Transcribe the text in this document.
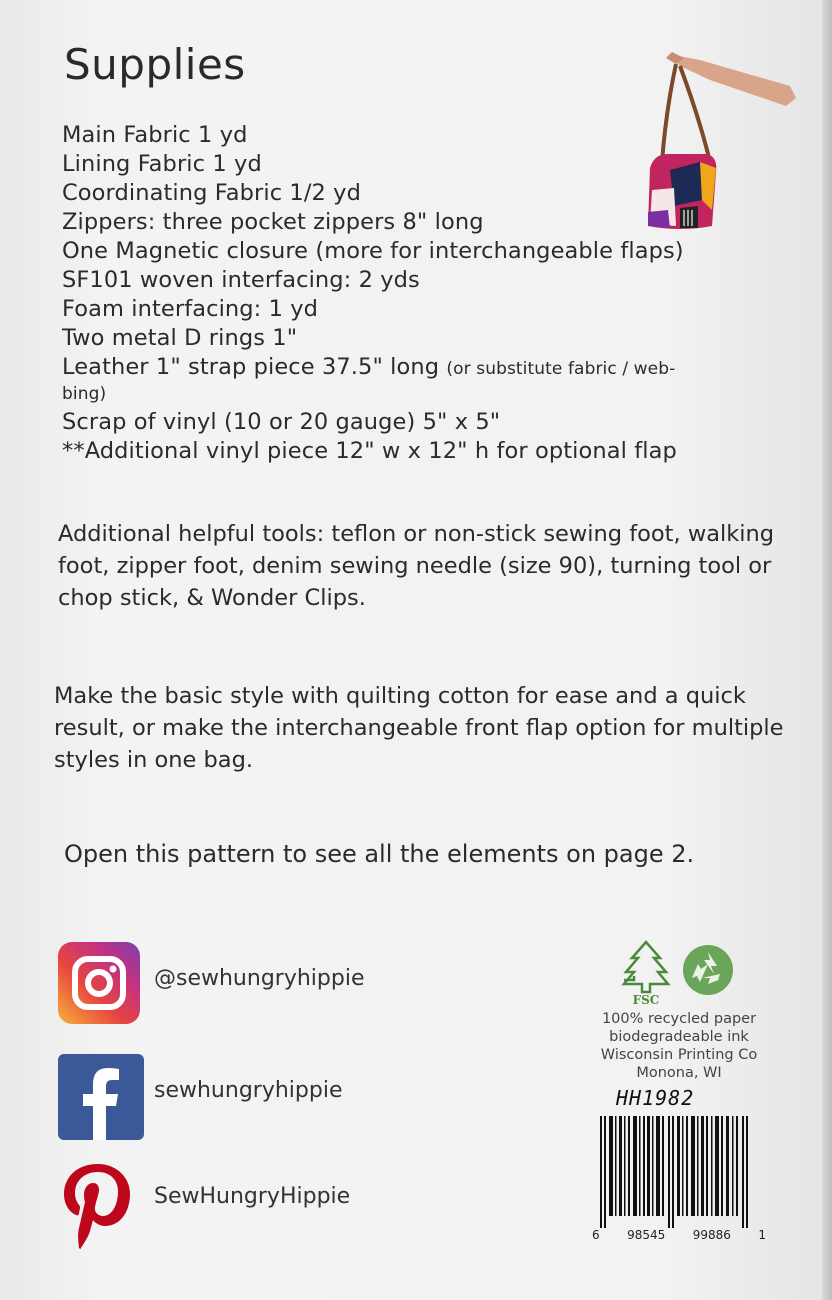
Supplies
Main Fabric 1 yd
Lining Fabric 1 yd
Coordinating Fabric 1/2 yd
Zippers: three pocket zippers 8" long
One Magnetic closure (more for interchangeable flaps)
SF101 woven interfacing: 2 yds
Foam interfacing: 1 yd
Two metal D rings 1"
Leather 1" strap piece 37.5" long (or substitute fabric / web-
bing)
Scrap of vinyl (10 or 20 gauge) 5" x 5"
**Additional vinyl piece 12" w x 12" h for optional flap

Additional helpful tools: teflon or non-stick sewing foot, walking foot, zipper foot, denim sewing needle (size 90), turning tool or chop stick, & Wonder Clips.

Make the basic style with quilting cotton for ease and a quick result, or make the interchangeable front flap option for multiple styles in one bag.

Open this pattern to see all the elements on page 2.
@sewhungryhippie
sewhungryhippie
SewHungryHippie
FSC
100% recycled paper
biodegradeable ink
Wisconsin Printing Co
Monona, WI
HH1982
6 98545 99886 1
